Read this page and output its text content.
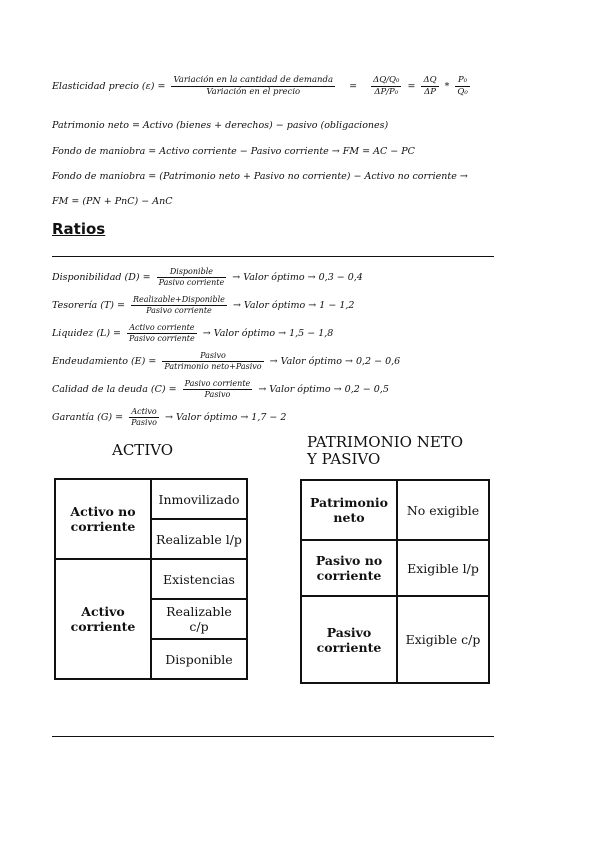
Elasticidad precio $(\varepsilon) = \frac{\text{Variación en la cantidad de demanda}}{\text{Variación en el precio}} = \frac{\text{ΔQ/Q₀}}{\text{ΔP/P₀}} = \frac{\Delta Q}{\Delta P} * \frac{\text{P₀}}{\text{Q₀}}$
Patrimonio neto = Activo (bienes + derechos) − pasivo (obligaciones)
Fondo de maniobra = Activo corriente − Pasivo corriente → FM = AC − PC
Fondo de maniobra = (Patrimonio neto + Pasivo no corriente) − Activo no corriente →
FM = (PN + PnC) − AnC
Ratios
Disponibilidad $(D) = \frac{\text{Disponible}}{\text{Pasivo corriente}}$ → Valor óptimo → 0,3 − 0,4
Tesorería $(T) = \frac{\text{Realizable+Disponible}}{\text{Pasivo corriente}}$ → Valor óptimo → 1 − 1,2
Liquidez $(L) = \frac{\text{Activo corriente}}{\text{Pasivo corriente}}$ → Valor óptimo → 1,5 − 1,8
Endeudamiento $(E) = \frac{\text{Pasivo}}{\text{Patrimonio neto+Pasivo}}$ → Valor óptimo → 0,2 − 0,6
Calidad de la deuda $(C) = \frac{\text{Pasivo corriente}}{\text{Pasivo}}$ → Valor óptimo → 0,2 − 0,5
Garantía $(G) = \frac{\text{Activo}}{\text{Pasivo}}$ → Valor óptimo → 1,7 − 2
ACTIVO
Activo no corriente	Inmovilizado
	Realizable l/p
Activo corriente	Existencias
	Realizable c/p
	Disponible
PATRIMONIO NETO
Y PASIVO
Patrimonio neto	No exigible
Pasivo no corriente	Exigible l/p
Pasivo corriente	Exigible c/p
